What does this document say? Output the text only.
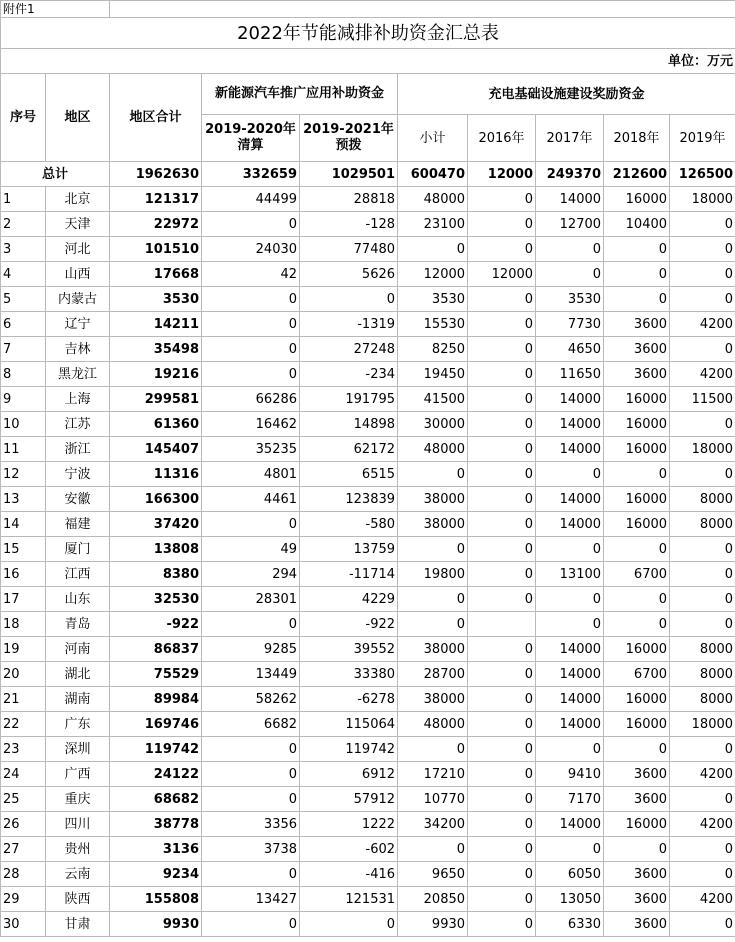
附件1									
2022年节能减排补助资金汇总表									
单位：万元									
序号	地区	地区合计	新能源汽车推广应用补助资金		充电基础设施建设奖励资金				
			2019-2020年清算	2019-2021年预拨	小计	2016年	2017年	2018年	2019年
总计		1962630	332659	1029501	600470	12000	249370	212600	126500
1	北京	121317	44499	28818	48000	0	14000	16000	18000
2	天津	22972	0	-128	23100	0	12700	10400	0
3	河北	101510	24030	77480	0	0	0	0	0
4	山西	17668	42	5626	12000	12000	0	0	0
5	内蒙古	3530	0	0	3530	0	3530	0	0
6	辽宁	14211	0	-1319	15530	0	7730	3600	4200
7	吉林	35498	0	27248	8250	0	4650	3600	0
8	黑龙江	19216	0	-234	19450	0	11650	3600	4200
9	上海	299581	66286	191795	41500	0	14000	16000	11500
10	江苏	61360	16462	14898	30000	0	14000	16000	0
11	浙江	145407	35235	62172	48000	0	14000	16000	18000
12	宁波	11316	4801	6515	0	0	0	0	0
13	安徽	166300	4461	123839	38000	0	14000	16000	8000
14	福建	37420	0	-580	38000	0	14000	16000	8000
15	厦门	13808	49	13759	0	0	0	0	0
16	江西	8380	294	-11714	19800	0	13100	6700	0
17	山东	32530	28301	4229	0	0	0	0	0
18	青岛	-922	0	-922	0		0	0	0
19	河南	86837	9285	39552	38000	0	14000	16000	8000
20	湖北	75529	13449	33380	28700	0	14000	6700	8000
21	湖南	89984	58262	-6278	38000	0	14000	16000	8000
22	广东	169746	6682	115064	48000	0	14000	16000	18000
23	深圳	119742	0	119742	0	0	0	0	0
24	广西	24122	0	6912	17210	0	9410	3600	4200
25	重庆	68682	0	57912	10770	0	7170	3600	0
26	四川	38778	3356	1222	34200	0	14000	16000	4200
27	贵州	3136	3738	-602	0	0	0	0	0
28	云南	9234	0	-416	9650	0	6050	3600	0
29	陕西	155808	13427	121531	20850	0	13050	3600	4200
30	甘肃	9930	0	0	9930	0	6330	3600	0
